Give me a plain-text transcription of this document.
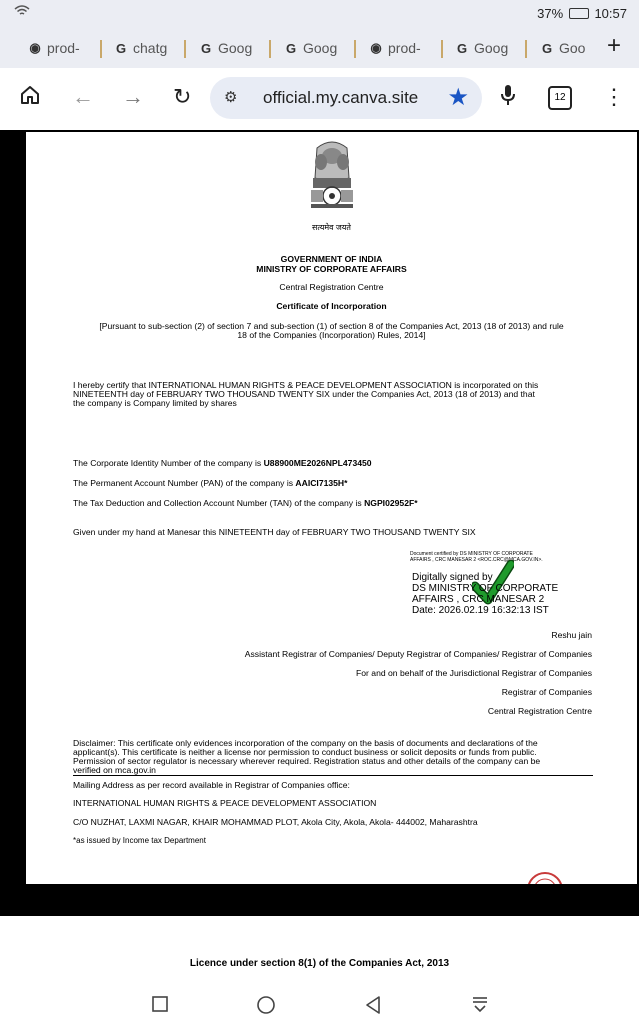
37% 10:57
◉ prod-	G chatg	G Goog	G Goog	◉ prod-	G Goog	G Goo +
← → ↻ ⚙ official.my.canva.site ★	12 ⋮
सत्यमेव जयते
GOVERNMENT OF INDIA
MINISTRY OF CORPORATE AFFAIRS
Central Registration Centre
Certificate of Incorporation
[Pursuant to sub-section (2) of section 7 and sub-section (1) of section 8 of the Companies Act, 2013 (18 of 2013) and rule
18 of the Companies (Incorporation) Rules, 2014]
I hereby certify that INTERNATIONAL HUMAN RIGHTS & PEACE DEVELOPMENT ASSOCIATION is incorporated on this
NINETEENTH day of FEBRUARY TWO THOUSAND TWENTY SIX under the Companies Act, 2013 (18 of 2013) and that
the company is Company limited by shares
The Corporate Identity Number of the company is U88900ME2026NPL473450
The Permanent Account Number (PAN) of the company is AAICI7135H*
The Tax Deduction and Collection Account Number (TAN) of the company is NGPI02952F*
Given under my hand at Manesar this NINETEENTH day of FEBRUARY TWO THOUSAND TWENTY SIX
Document certified by DS MINISTRY OF CORPORATE
AFFAIRS , CRC MANESAR 2 <ROC.CRC@MCA.GOV.IN>.
Digitally signed by
DS MINISTRY OF CORPORATE
AFFAIRS , CRC MANESAR 2
Date: 2026.02.19 16:32:13 IST
Reshu jain
Assistant Registrar of Companies/ Deputy Registrar of Companies/ Registrar of Companies
For and on behalf of the Jurisdictional Registrar of Companies
Registrar of Companies
Central Registration Centre
Disclaimer: This certificate only evidences incorporation of the company on the basis of documents and declarations of the
applicant(s). This certificate is neither a license nor permission to conduct business or solicit deposits or funds from public.
Permission of sector regulator is necessary wherever required. Registration status and other details of the company can be
verified on mca.gov.in
Mailing Address as per record available in Registrar of Companies office:
INTERNATIONAL HUMAN RIGHTS & PEACE DEVELOPMENT ASSOCIATION
C/O NUZHAT, LAXMI NAGAR, KHAIR MOHAMMAD PLOT, Akola City, Akola, Akola- 444002, Maharashtra
*as issued by Income tax Department
Licence under section 8(1) of the Companies Act, 2013
